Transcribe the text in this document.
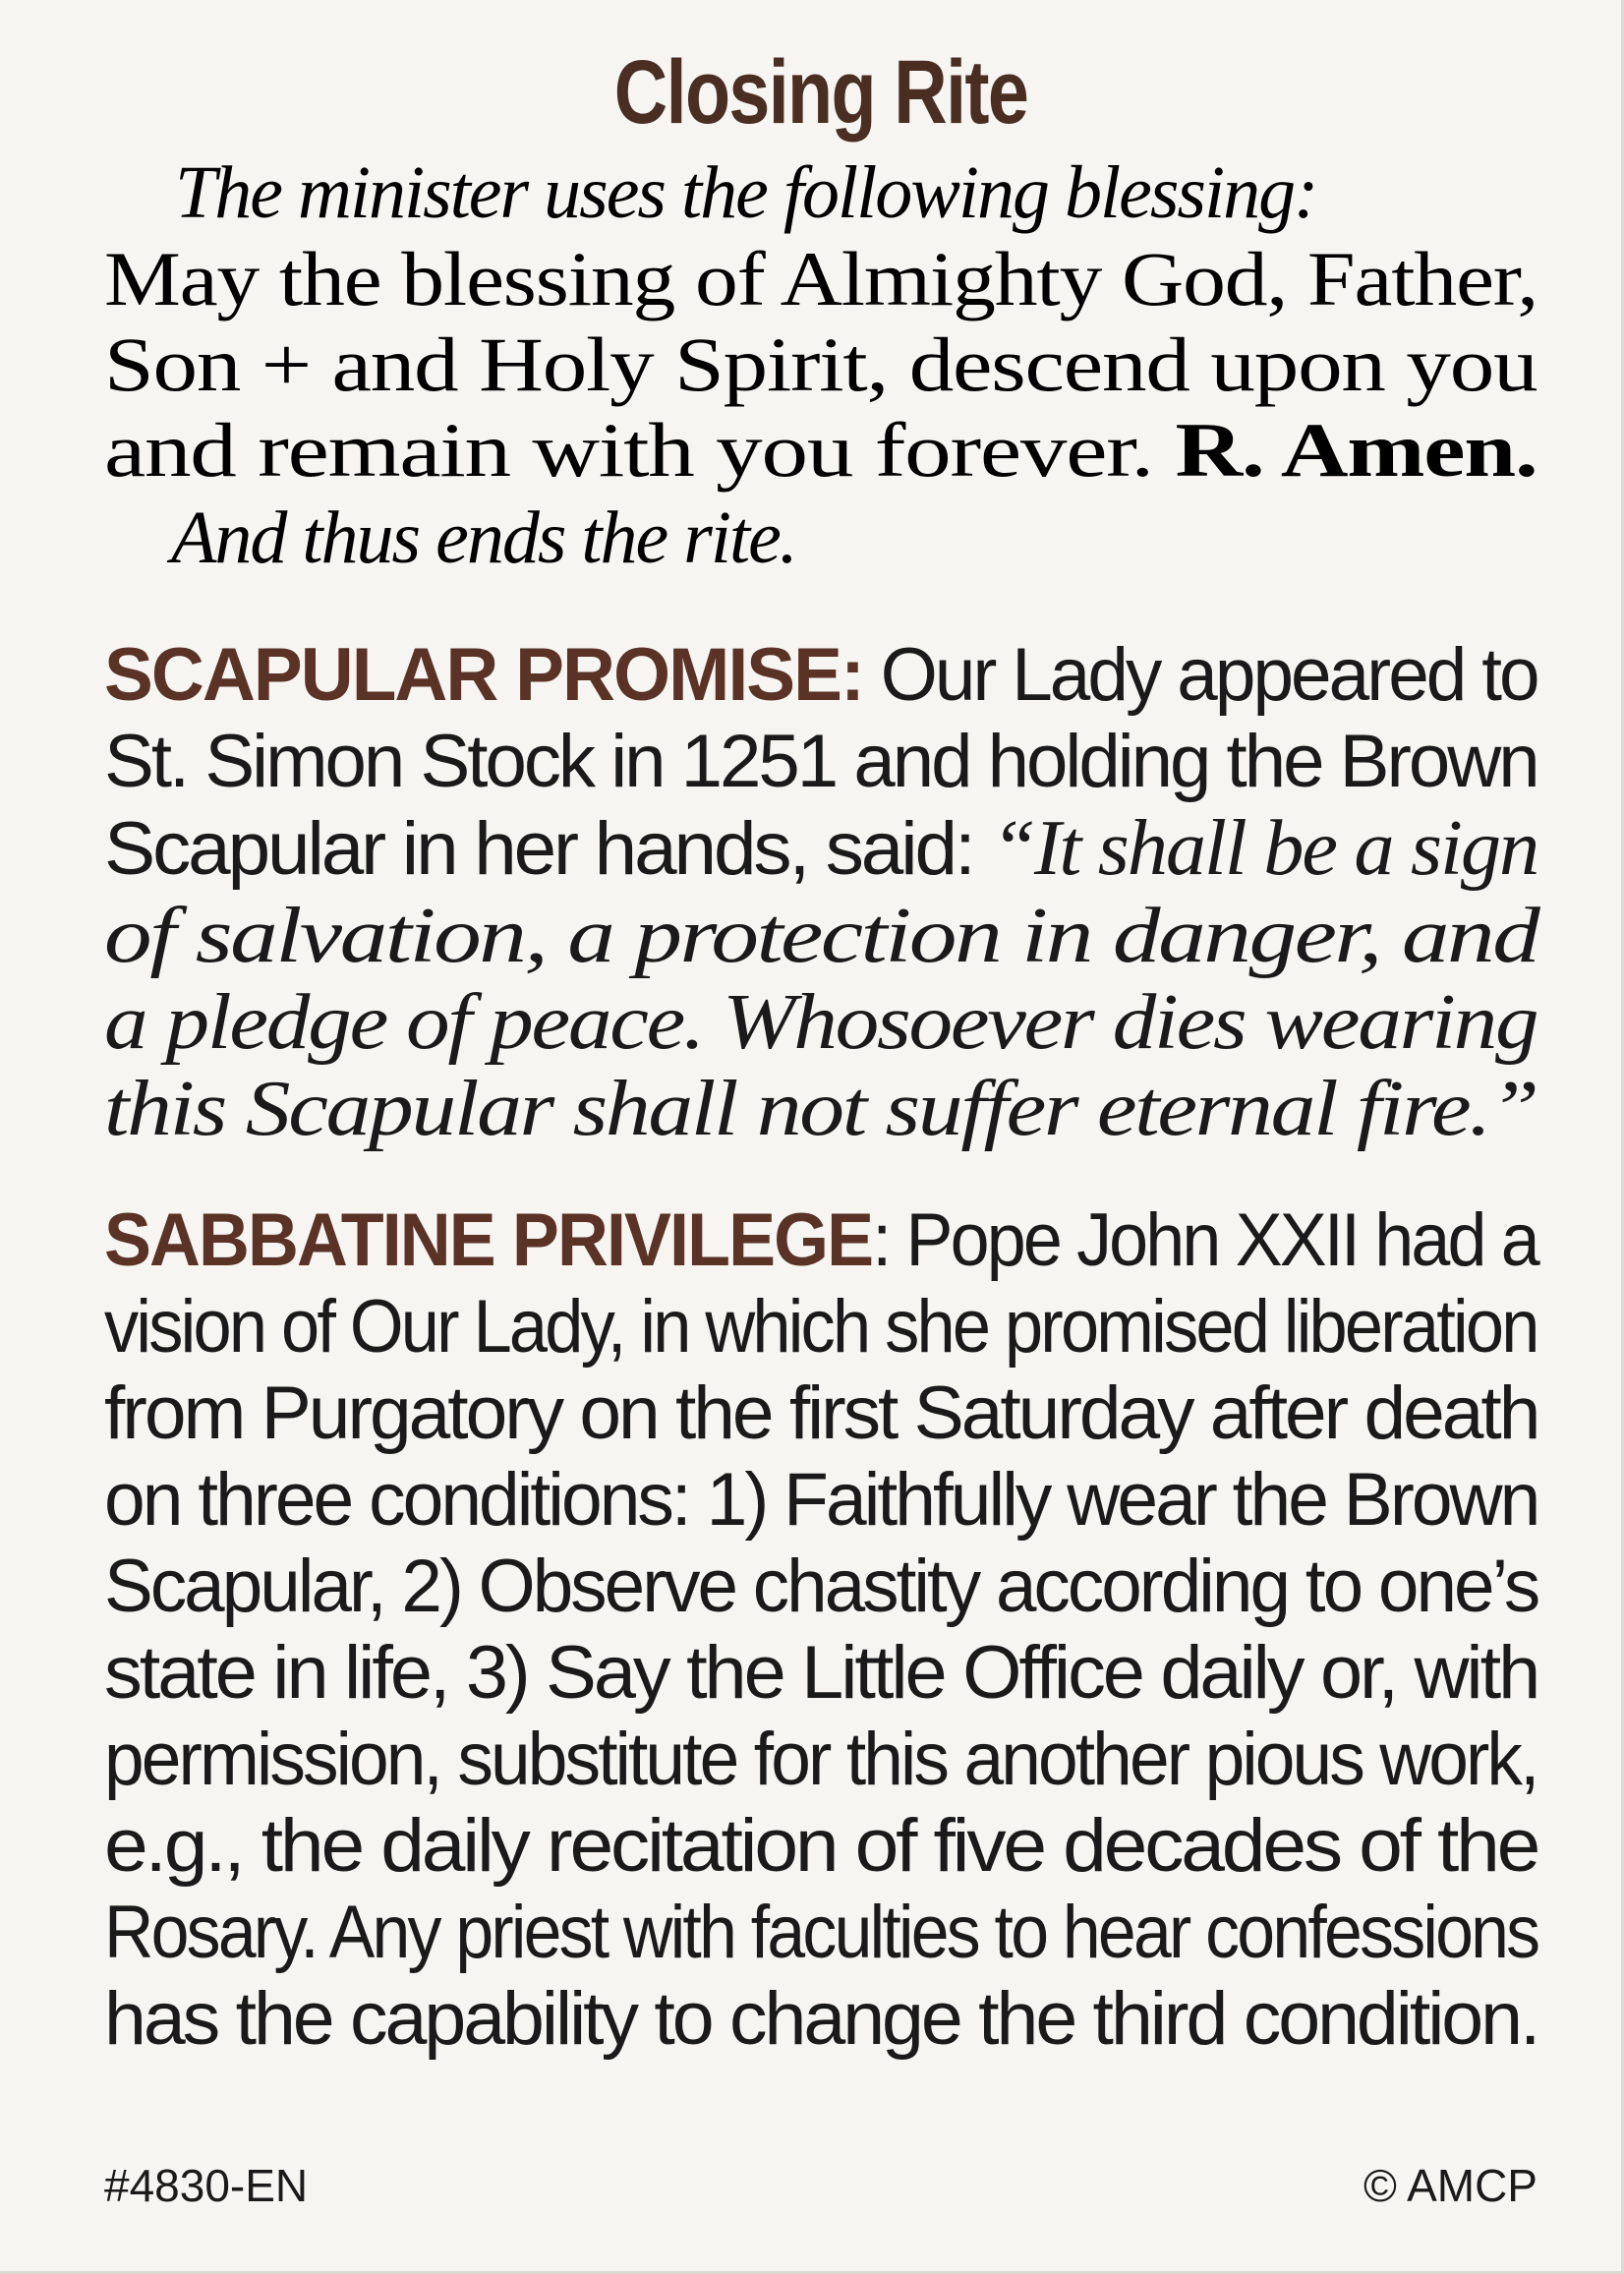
Closing Rite
The minister uses the following blessing:
May the blessing of Almighty God, Father,
Son + and Holy Spirit, descend upon you
and remain with you forever. R. Amen.
And thus ends the rite.
SCAPULAR PROMISE: Our Lady appeared to
St. Simon Stock in 1251 and holding the Brown
Scapular in her hands, said: “It shall be a sign
of salvation, a protection in danger, and
a pledge of peace. Whosoever dies wearing
this Scapular shall not suffer eternal fire.”
SABBATINE PRIVILEGE: Pope John XXII had a
vision of Our Lady, in which she promised liberation
from Purgatory on the first Saturday after death
on three conditions: 1) Faithfully wear the Brown
Scapular, 2) Observe chastity according to one’s
state in life, 3) Say the Little Office daily or, with
permission, substitute for this another pious work,
e.g., the daily recitation of five decades of the
Rosary. Any priest with faculties to hear confessions
has the capability to change the third condition.
#4830-EN	© AMCP
